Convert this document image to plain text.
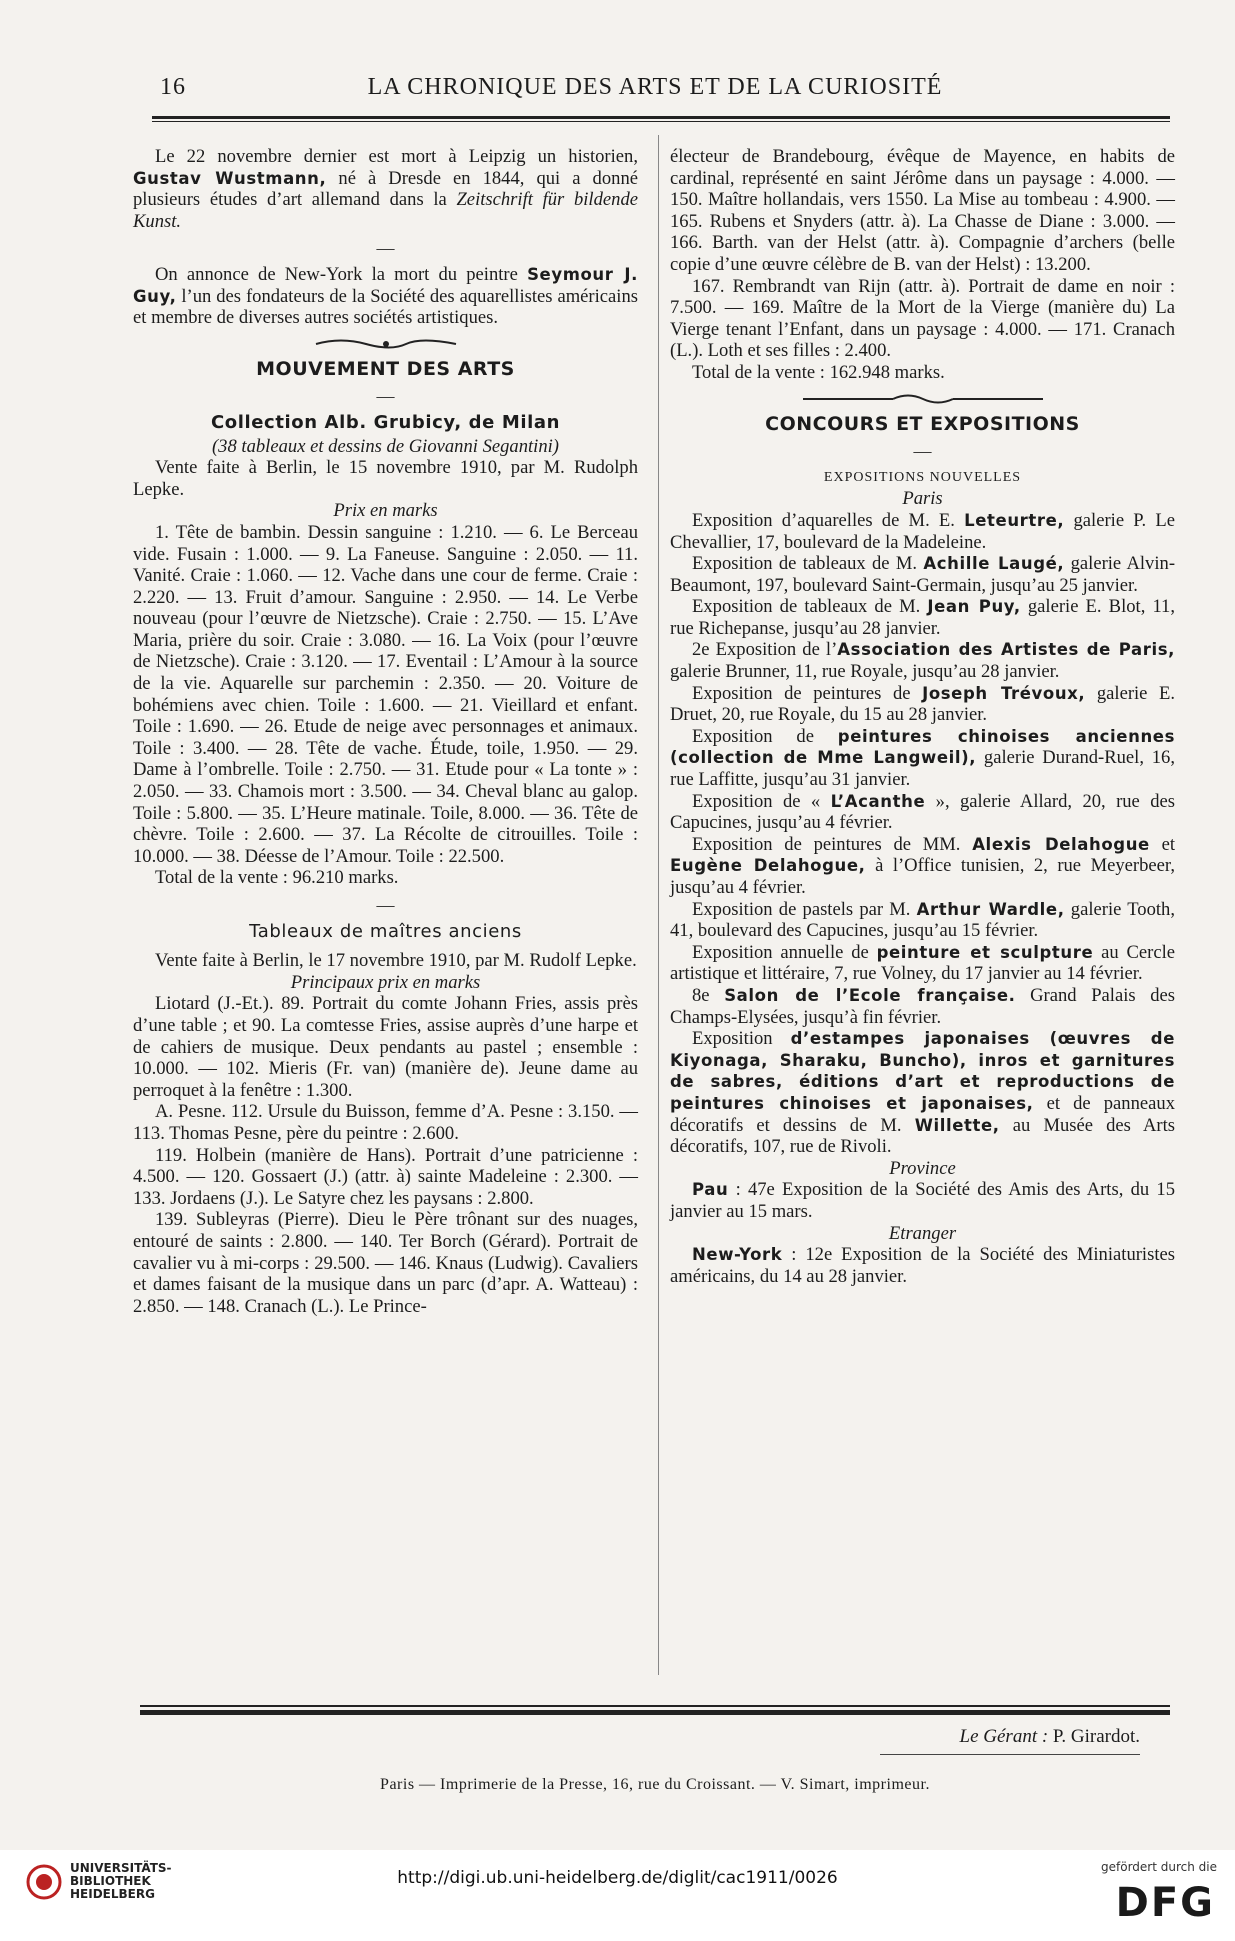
16	LA CHRONIQUE DES ARTS ET DE LA CURIOSITÉ

Le 22 novembre dernier est mort à Leipzig un historien, Gustav Wustmann, né à Dresde en 1844, qui a donné plusieurs études d’art allemand dans la Zeitschrift für bildende Kunst.

—

On annonce de New-York la mort du peintre Seymour J. Guy, l’un des fondateurs de la Société des aquarellistes américains et membre de diverses autres sociétés artistiques.

MOUVEMENT DES ARTS
—
Collection Alb. Grubicy, de Milan

(38 tableaux et dessins de Giovanni Segantini)

Vente faite à Berlin, le 15 novembre 1910, par M. Rudolph Lepke.

Prix en marks

1. Tête de bambin. Dessin sanguine : 1.210. — 6. Le Berceau vide. Fusain : 1.000. — 9. La Faneuse. Sanguine : 2.050. — 11. Vanité. Craie : 1.060. — 12. Vache dans une cour de ferme. Craie : 2.220. — 13. Fruit d’amour. Sanguine : 2.950. — 14. Le Verbe nouveau (pour l’œuvre de Nietzsche). Craie : 2.750. — 15. L’Ave Maria, prière du soir. Craie : 3.080. — 16. La Voix (pour l’œuvre de Nietzsche). Craie : 3.120. — 17. Eventail : L’Amour à la source de la vie. Aquarelle sur parchemin : 2.350. — 20. Voiture de bohémiens avec chien. Toile : 1.600. — 21. Vieillard et enfant. Toile : 1.690. — 26. Etude de neige avec personnages et animaux. Toile : 3.400. — 28. Tête de vache. Étude, toile, 1.950. — 29. Dame à l’ombrelle. Toile : 2.750. — 31. Etude pour « La tonte » : 2.050. — 33. Chamois mort : 3.500. — 34. Cheval blanc au galop. Toile : 5.800. — 35. L’Heure matinale. Toile, 8.000. — 36. Tête de chèvre. Toile : 2.600. — 37. La Récolte de citrouilles. Toile : 10.000. — 38. Déesse de l’Amour. Toile : 22.500.

Total de la vente : 96.210 marks.

—
Tableaux de maîtres anciens

Vente faite à Berlin, le 17 novembre 1910, par M. Rudolf Lepke.

Principaux prix en marks

Liotard (J.-Et.). 89. Portrait du comte Johann Fries, assis près d’une table ; et 90. La comtesse Fries, assise auprès d’une harpe et de cahiers de musique. Deux pendants au pastel ; ensemble : 10.000. — 102. Mieris (Fr. van) (manière de). Jeune dame au perroquet à la fenêtre : 1.300.

A. Pesne. 112. Ursule du Buisson, femme d’A. Pesne : 3.150. — 113. Thomas Pesne, père du peintre : 2.600.

119. Holbein (manière de Hans). Portrait d’une patricienne : 4.500. — 120. Gossaert (J.) (attr. à) sainte Madeleine : 2.300. — 133. Jordaens (J.). Le Satyre chez les paysans : 2.800.

139. Subleyras (Pierre). Dieu le Père trônant sur des nuages, entouré de saints : 2.800. — 140. Ter Borch (Gérard). Portrait de cavalier vu à mi-corps : 29.500. — 146. Knaus (Ludwig). Cavaliers et dames faisant de la musique dans un parc (d’apr. A. Watteau) : 2.850. — 148. Cranach (L.). Le Prince-

électeur de Brandebourg, évêque de Mayence, en habits de cardinal, représenté en saint Jérôme dans un paysage : 4.000. — 150. Maître hollandais, vers 1550. La Mise au tombeau : 4.900. — 165. Rubens et Snyders (attr. à). La Chasse de Diane : 3.000. — 166. Barth. van der Helst (attr. à). Compagnie d’archers (belle copie d’une œuvre célèbre de B. van der Helst) : 13.200.

167. Rembrandt van Rijn (attr. à). Portrait de dame en noir : 7.500. — 169. Maître de la Mort de la Vierge (manière du) La Vierge tenant l’Enfant, dans un paysage : 4.000. — 171. Cranach (L.). Loth et ses filles : 2.400.

Total de la vente : 162.948 marks.

CONCOURS ET EXPOSITIONS
—
EXPOSITIONS NOUVELLES

Paris

Exposition d’aquarelles de M. E. Leteurtre, galerie P. Le Chevallier, 17, boulevard de la Madeleine.

Exposition de tableaux de M. Achille Laugé, galerie Alvin-Beaumont, 197, boulevard Saint-Germain, jusqu’au 25 janvier.

Exposition de tableaux de M. Jean Puy, galerie E. Blot, 11, rue Richepanse, jusqu’au 28 janvier.

2e Exposition de l’Association des Artistes de Paris, galerie Brunner, 11, rue Royale, jusqu’au 28 janvier.

Exposition de peintures de Joseph Trévoux, galerie E. Druet, 20, rue Royale, du 15 au 28 janvier.

Exposition de peintures chinoises anciennes (collection de Mme Langweil), galerie Durand-Ruel, 16, rue Laffitte, jusqu’au 31 janvier.

Exposition de « L’Acanthe », galerie Allard, 20, rue des Capucines, jusqu’au 4 février.

Exposition de peintures de MM. Alexis Delahogue et Eugène Delahogue, à l’Office tunisien, 2, rue Meyerbeer, jusqu’au 4 février.

Exposition de pastels par M. Arthur Wardle, galerie Tooth, 41, boulevard des Capucines, jusqu’au 15 février.

Exposition annuelle de peinture et sculpture au Cercle artistique et littéraire, 7, rue Volney, du 17 janvier au 14 février.

8e Salon de l’Ecole française. Grand Palais des Champs-Elysées, jusqu’à fin février.

Exposition d’estampes japonaises (œuvres de Kiyonaga, Sharaku, Buncho), inros et garnitures de sabres, éditions d’art et reproductions de peintures chinoises et japonaises, et de panneaux décoratifs et dessins de M. Willette, au Musée des Arts décoratifs, 107, rue de Rivoli.

Province

Pau : 47e Exposition de la Société des Amis des Arts, du 15 janvier au 15 mars.

Etranger

New-York : 12e Exposition de la Société des Miniaturistes américains, du 14 au 28 janvier.

Le Gérant : P. Girardot.
Paris — Imprimerie de la Presse, 16, rue du Croissant. — V. Simart, imprimeur.
UNIVERSITÄTS-
BIBLIOTHEK
HEIDELBERG
http://digi.ub.uni-heidelberg.de/diglit/cac1911/0026
gefördert durch die
DFG
